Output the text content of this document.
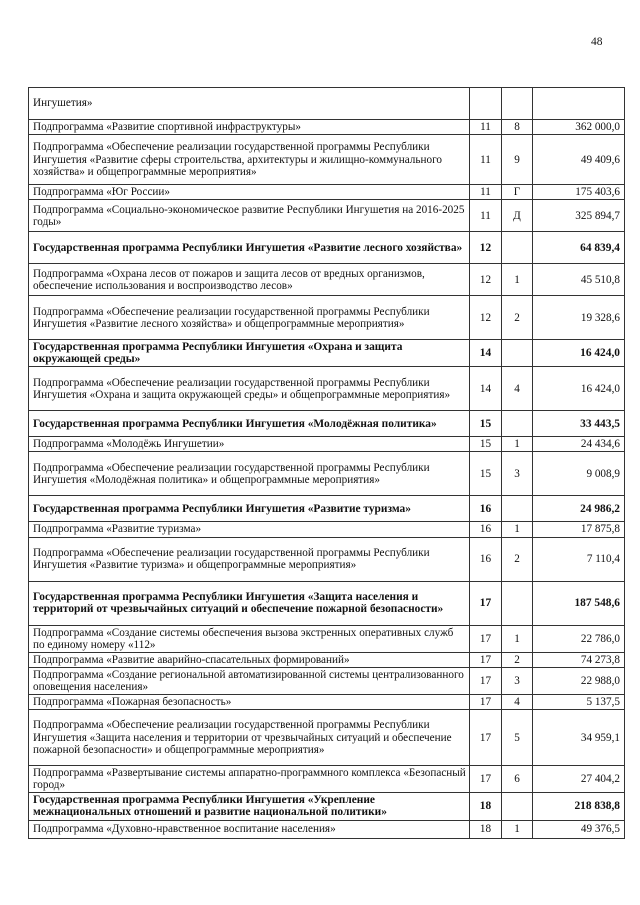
48
Ингушетия»			
Подпрограмма «Развитие спортивной инфраструктуры»	11	8	362 000,0
Подпрограмма «Обеспечение реализации государственной программы Республики Ингушетия «Развитие сферы строительства, архитектуры и жилищно-коммунального хозяйства» и общепрограммные мероприятия»	11	9	49 409,6
Подпрограмма «Юг России»	11	Г	175 403,6
Подпрограмма «Социально-экономическое развитие Республики Ингушетия на 2016-2025 годы»	11	Д	325 894,7
Государственная программа Республики Ингушетия «Развитие лесного хозяйства»	12		64 839,4
Подпрограмма «Охрана лесов от пожаров и защита лесов от вредных организмов, обеспечение использования и воспроизводство лесов»	12	1	45 510,8
Подпрограмма «Обеспечение реализации государственной программы Республики Ингушетия «Развитие лесного хозяйства» и общепрограммные мероприятия»	12	2	19 328,6
Государственная программа Республики Ингушетия «Охрана и защита окружающей среды»	14		16 424,0
Подпрограмма «Обеспечение реализации государственной программы Республики Ингушетия «Охрана и защита окружающей среды» и общепрограммные мероприятия»	14	4	16 424,0
Государственная программа Республики Ингушетия «Молодёжная политика»	15		33 443,5
Подпрограмма «Молодёжь Ингушетии»	15	1	24 434,6
Подпрограмма «Обеспечение реализации государственной программы Республики Ингушетия «Молодёжная политика» и общепрограммные мероприятия»	15	3	9 008,9
Государственная программа Республики Ингушетия «Развитие туризма»	16		24 986,2
Подпрограмма «Развитие туризма»	16	1	17 875,8
Подпрограмма «Обеспечение реализации государственной программы Республики Ингушетия «Развитие туризма» и общепрограммные мероприятия»	16	2	7 110,4
Государственная программа Республики Ингушетия «Защита населения и территорий от чрезвычайных ситуаций и обеспечение пожарной безопасности»	17		187 548,6
Подпрограмма «Создание системы обеспечения вызова экстренных оперативных служб по единому номеру «112»	17	1	22 786,0
Подпрограмма «Развитие аварийно-спасательных формирований»	17	2	74 273,8
Подпрограмма «Создание региональной автоматизированной системы централизованного оповещения населения»	17	3	22 988,0
Подпрограмма «Пожарная безопасность»	17	4	5 137,5
Подпрограмма «Обеспечение реализации государственной программы Республики Ингушетия «Защита населения и территории от чрезвычайных ситуаций и обеспечение пожарной безопасности» и общепрограммные мероприятия»	17	5	34 959,1
Подпрограмма «Развертывание системы аппаратно-программного комплекса «Безопасный город»	17	6	27 404,2
Государственная программа Республики Ингушетия «Укрепление межнациональных отношений и развитие национальной политики»	18		218 838,8
Подпрограмма «Духовно-нравственное воспитание населения»	18	1	49 376,5
